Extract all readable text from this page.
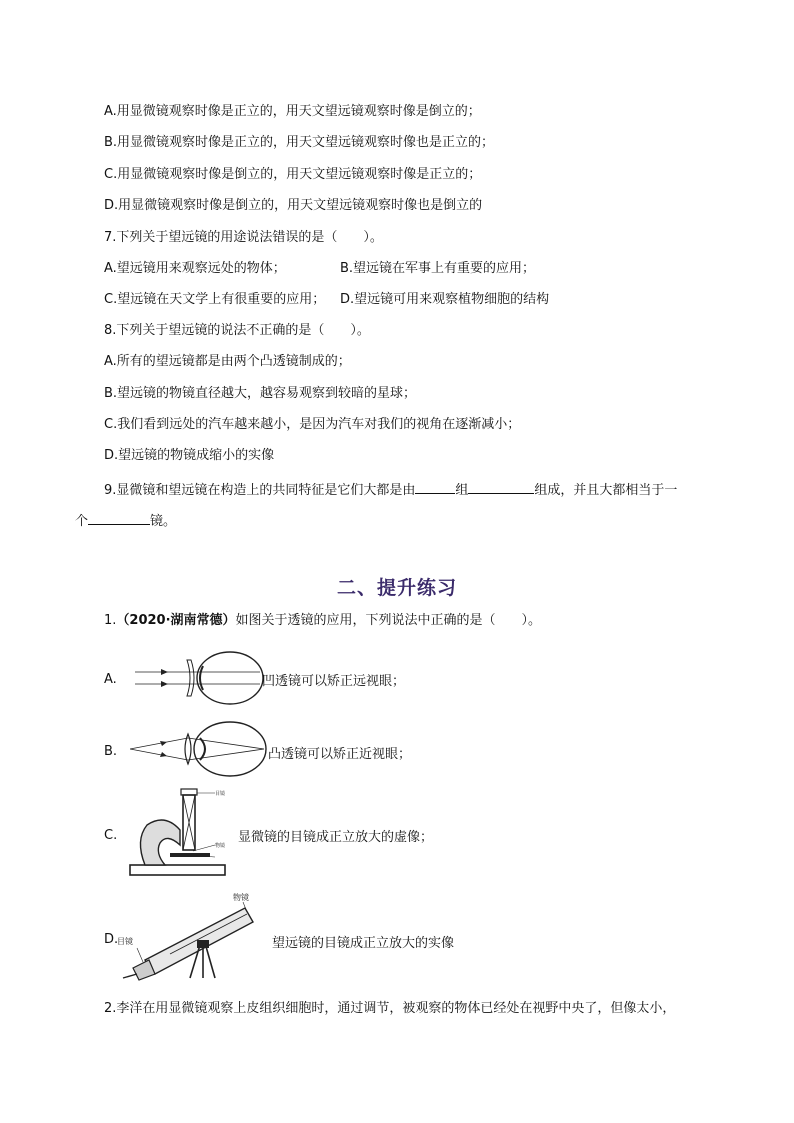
A.用显微镜观察时像是正立的，用天文望远镜观察时像是倒立的；
B.用显微镜观察时像是正立的，用天文望远镜观察时像也是正立的；
C.用显微镜观察时像是倒立的，用天文望远镜观察时像是正立的；
D.用显微镜观察时像是倒立的，用天文望远镜观察时像也是倒立的
7.下列关于望远镜的用途说法错误的是（　　）。
A.望远镜用来观察远处的物体；	B.望远镜在军事上有重要的应用；
C.望远镜在天文学上有很重要的应用； D.望远镜可用来观察植物细胞的结构
8.下列关于望远镜的说法不正确的是（　　）。
A.所有的望远镜都是由两个凸透镜制成的；
B.望远镜的物镜直径越大，越容易观察到较暗的星球；
C.我们看到远处的汽车越来越小，是因为汽车对我们的视角在逐渐减小；
D.望远镜的物镜成缩小的实像
9.显微镜和望远镜在构造上的共同特征是它们大都是由	组	组成，并且大都相当于一
个	镜。
二、提升练习
1.（2020·湖南常德）如图关于透镜的应用，下列说法中正确的是（　　）。
A.	凹透镜可以矫正远视眼；
B.	凸透镜可以矫正近视眼；
C.
目镜
物镜
显微镜的目镜成正立放大的虚像；
D.
物镜
目镜	望远镜的目镜成正立放大的实像
2.李洋在用显微镜观察上皮组织细胞时，通过调节，被观察的物体已经处在视野中央了，但像太小，
